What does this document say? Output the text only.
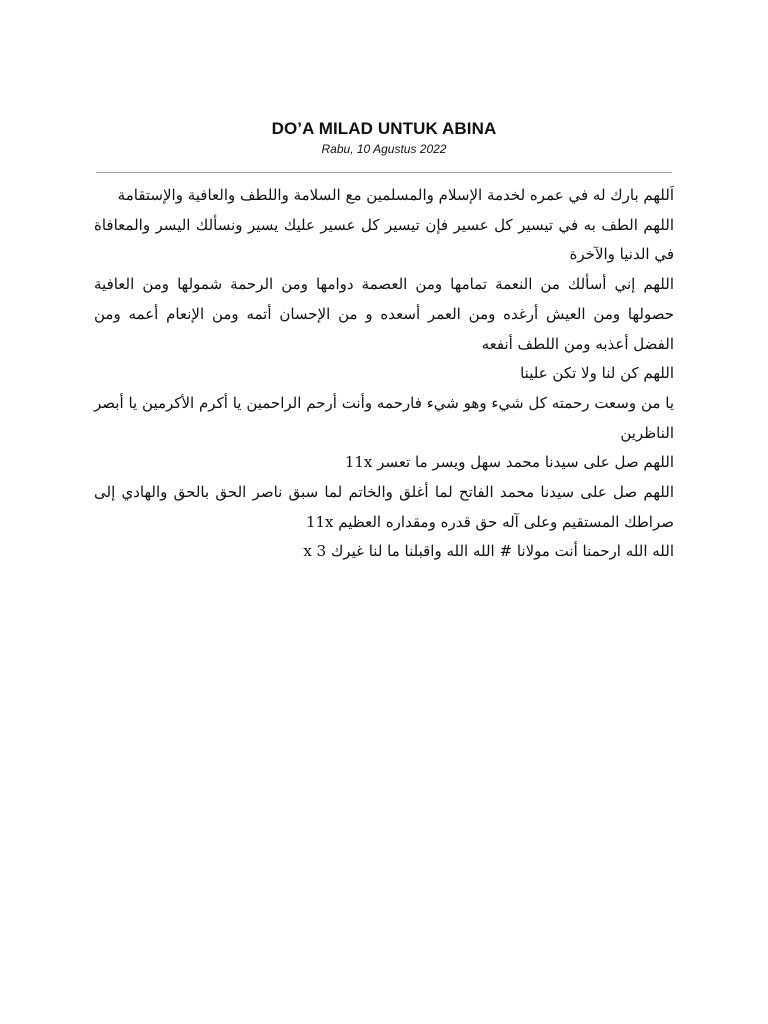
DO’A MILAD UNTUK ABINA
Rabu, 10 Agustus 2022

اَللهم بارك له في عمره لخدمة الإسلام والمسلمين مع السلامة واللطف والعافية والإستقامة

اللهم الطف به في تيسير كل عسير فإن تيسير كل عسير عليك يسير ونسألك اليسر والمعافاة في الدنيا والآخرة

اللهم إني أسألك من النعمة تمامها ومن العصمة دوامها ومن الرحمة شمولها ومن العافية حصولها ومن العيش أرغده ومن العمر أسعده و من الإحسان أتمه ومن الإنعام أعمه ومن الفضل أعذبه ومن اللطف أنفعه

اللهم كن لنا ولا تكن علينا

يا من وسعت رحمته كل شيء وهو شيء فارحمه وأنت أرحم الراحمين يا أكرم الأكرمين يا أبصر الناظرين

اللهم صل على سيدنا محمد سهل ويسر ما تعسر 11x

اللهم صل على سيدنا محمد الفاتح لما أغلق والخاتم لما سبق ناصر الحق بالحق والهادي إلى صراطك المستقيم وعلى آله حق قدره ومقداره العظيم 11x

الله الله ارحمنا أنت مولانا # الله الله واقبلنا ما لنا غيرك 3 x
